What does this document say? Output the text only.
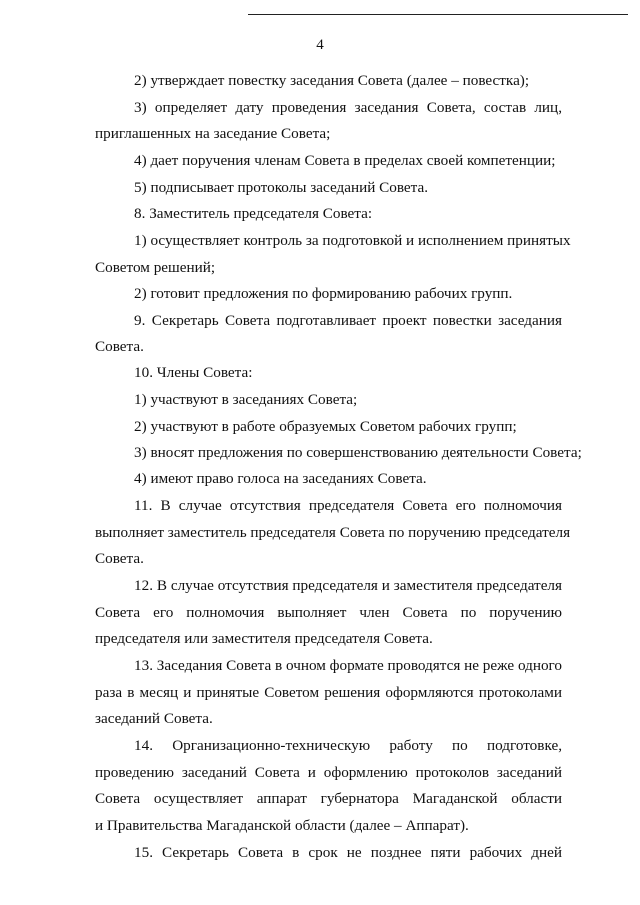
4
2) утверждает повестку заседания Совета (далее – повестка);
3) определяет дату проведения заседания Совета, состав лиц,
приглашенных на заседание Совета;
4) дает поручения членам Совета в пределах своей компетенции;
5) подписывает протоколы заседаний Совета.
8. Заместитель председателя Совета:
1) осуществляет контроль за подготовкой и исполнением принятых
Советом решений;
2) готовит предложения по формированию рабочих групп.
9. Секретарь Совета подготавливает проект повестки заседания
Совета.
10. Члены Совета:
1) участвуют в заседаниях Совета;
2) участвуют в работе образуемых Советом рабочих групп;
3) вносят предложения по совершенствованию деятельности Совета;
4) имеют право голоса на заседаниях Совета.
11. В случае отсутствия председателя Совета его полномочия
выполняет заместитель председателя Совета по поручению председателя
Совета.
12. В случае отсутствия председателя и заместителя председателя
Совета его полномочия выполняет член Совета по поручению
председателя или заместителя председателя Совета.
13. Заседания Совета в очном формате проводятся не реже одного
раза в месяц и принятые Советом решения оформляются протоколами
заседаний Совета.
14. Организационно-техническую работу по подготовке,
проведению заседаний Совета и оформлению протоколов заседаний
Совета осуществляет аппарат губернатора Магаданской области
и Правительства Магаданской области (далее – Аппарат).
15. Секретарь Совета в срок не позднее пяти рабочих дней
